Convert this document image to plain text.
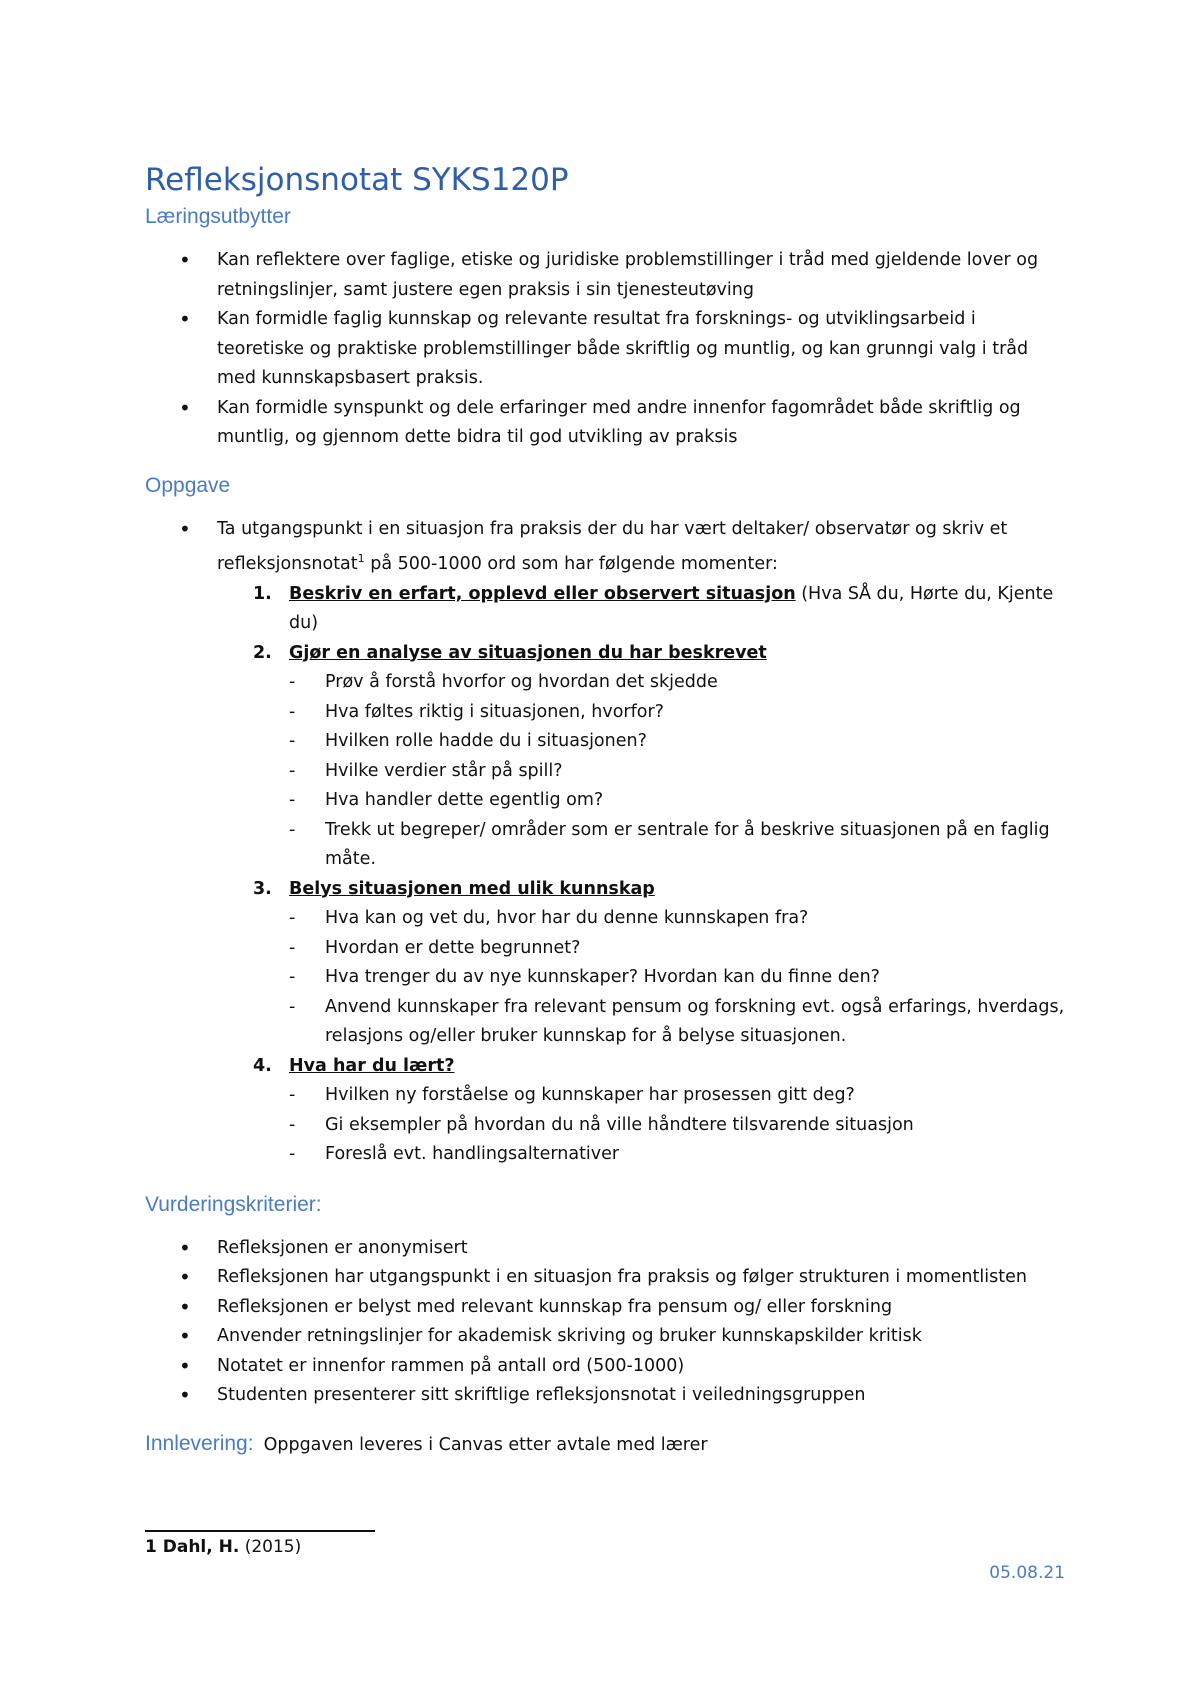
Refleksjonsnotat SYKS120P
Læringsutbytter
• Kan reflektere over faglige, etiske og juridiske problemstillinger i tråd med gjeldende lover og retningslinjer, samt justere egen praksis i sin tjenesteutøving
• Kan formidle faglig kunnskap og relevante resultat fra forsknings- og utviklingsarbeid i teoretiske og praktiske problemstillinger både skriftlig og muntlig, og kan grunngi valg i tråd med kunnskapsbasert praksis.
• Kan formidle synspunkt og dele erfaringer med andre innenfor fagområdet både skriftlig og muntlig, og gjennom dette bidra til god utvikling av praksis
Oppgave
• Ta utgangspunkt i en situasjon fra praksis der du har vært deltaker/ observatør og skriv et refleksjonsnotat$^1$ på 500-1000 ord som har følgende momenter:
1. Beskriv en erfart, opplevd eller observert situasjon (Hva SÅ du, Hørte du, Kjente du)
2. Gjør en analyse av situasjonen du har beskrevet
- Prøv å forstå hvorfor og hvordan det skjedde
- Hva føltes riktig i situasjonen, hvorfor?
- Hvilken rolle hadde du i situasjonen?
- Hvilke verdier står på spill?
- Hva handler dette egentlig om?
- Trekk ut begreper/ områder som er sentrale for å beskrive situasjonen på en faglig måte.
3. Belys situasjonen med ulik kunnskap
- Hva kan og vet du, hvor har du denne kunnskapen fra?
- Hvordan er dette begrunnet?
- Hva trenger du av nye kunnskaper? Hvordan kan du finne den?
- Anvend kunnskaper fra relevant pensum og forskning evt. også erfarings, hverdags, relasjons og/eller bruker kunnskap for å belyse situasjonen.
4. Hva har du lært?
- Hvilken ny forståelse og kunnskaper har prosessen gitt deg?
- Gi eksempler på hvordan du nå ville håndtere tilsvarende situasjon
- Foreslå evt. handlingsalternativer
Vurderingskriterier:
• Refleksjonen er anonymisert
• Refleksjonen har utgangspunkt i en situasjon fra praksis og følger strukturen i momentlisten
• Refleksjonen er belyst med relevant kunnskap fra pensum og/ eller forskning
• Anvender retningslinjer for akademisk skriving og bruker kunnskapskilder kritisk
• Notatet er innenfor rammen på antall ord (500-1000)
• Studenten presenterer sitt skriftlige refleksjonsnotat i veiledningsgruppen
Innlevering: Oppgaven leveres i Canvas etter avtale med lærer
1 Dahl, H. (2015)
05.08.21
